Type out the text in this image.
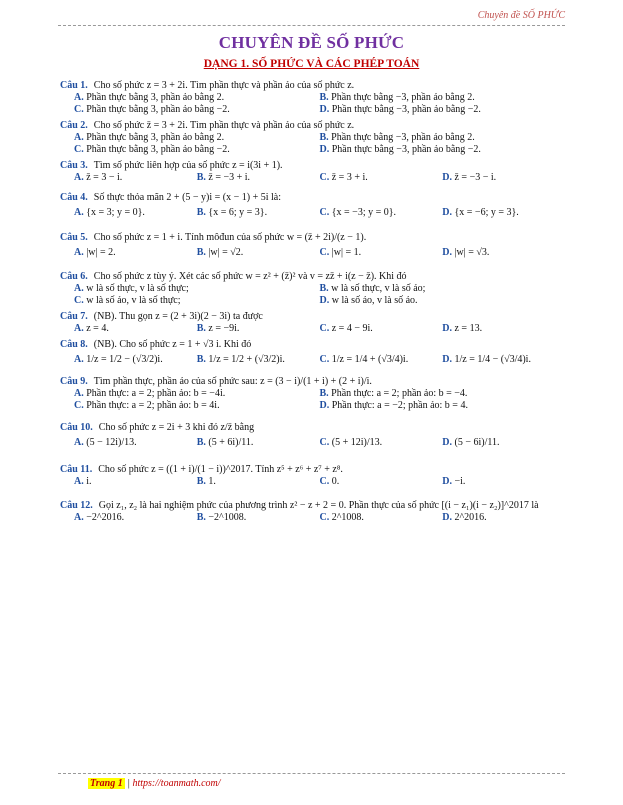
Chuyên đề SỐ PHỨC
CHUYÊN ĐỀ SỐ PHỨC
DẠNG 1. SỐ PHỨC VÀ CÁC PHÉP TOÁN
Câu 1. Cho số phức z = 3 + 2i. Tìm phần thực và phần ảo của số phức z.
A. Phần thực bằng 3, phần ảo bằng 2.	B. Phần thực bằng −3, phần ảo bằng 2.
C. Phần thực bằng 3, phần ảo bằng −2.	D. Phần thực bằng −3, phần ảo bằng −2.
Câu 2. Cho số phức z̄ = 3 + 2i. Tìm phần thực và phần ảo của số phức z.
A. Phần thực bằng 3, phần ảo bằng 2.	B. Phần thực bằng −3, phần ảo bằng 2.
C. Phần thực bằng 3, phần ảo bằng −2.	D. Phần thực bằng −3, phần ảo bằng −2.
Câu 3. Tìm số phức liên hợp của số phức z = i(3i + 1).
A. z̄ = 3 − i.	B. z̄ = −3 + i.	C. z̄ = 3 + i.	D. z̄ = −3 − i.
Câu 4. Số thực thỏa mãn 2 + (5 − y)i = (x − 1) + 5i là:
A. {x = 3; y = 0}.	B. {x = 6; y = 3}.	C. {x = −3; y = 0}.	D. {x = −6; y = 3}.
Câu 5. Cho số phức z = 1 + i. Tính môđun của số phức w = (z̄ + 2i)/(z − 1).
A. |w| = 2.	B. |w| = √2.	C. |w| = 1.	D. |w| = √3.
Câu 6. Cho số phức z tùy ý. Xét các số phức w = z² + (z̄)² và v = zz̄ + i(z − z̄). Khi đó
A. w là số thực, v là số thực;	B. w là số thực, v là số ảo;
C. w là số ảo, v là số thực;	D. w là số ảo, v là số ảo.
Câu 7. (NB). Thu gọn z = (2 + 3i)(2 − 3i) ta được
A. z = 4.	B. z = −9i.	C. z = 4 − 9i.	D. z = 13.
Câu 8. (NB). Cho số phức z = 1 + √3 i. Khi đó
A. 1/z = 1/2 − (√3/2)i.	B. 1/z = 1/2 + (√3/2)i.	C. 1/z = 1/4 + (√3/4)i.	D. 1/z = 1/4 − (√3/4)i.
Câu 9. Tìm phần thực, phần ảo của số phức sau: z = (3 − i)/(1 + i) + (2 + i)/i.
A. Phần thực: a = 2; phần ảo: b = −4i.	B. Phần thực: a = 2; phần ảo: b = −4.
C. Phần thực: a = 2; phần ảo: b = 4i.	D. Phần thực: a = −2; phần ảo: b = 4.
Câu 10. Cho số phức z = 2i + 3 khi đó z/z̄ bằng
A. (5 − 12i)/13.	B. (5 + 6i)/11.	C. (5 + 12i)/13.	D. (5 − 6i)/11.
Câu 11. Cho số phức z = ((1 + i)/(1 − i))^2017. Tính z⁵ + z⁶ + z⁷ + z⁸.
A. i.	B. 1.	C. 0.	D. −i.
Câu 12. Gọi z₁, z₂ là hai nghiệm phức của phương trình z² − z + 2 = 0. Phần thực của số phức [(i − z₁)(i − z₂)]^2017 là
A. −2^2016.	B. −2^1008.	C. 2^1008.	D. 2^2016.
Trang 1 | https://toanmath.com/
